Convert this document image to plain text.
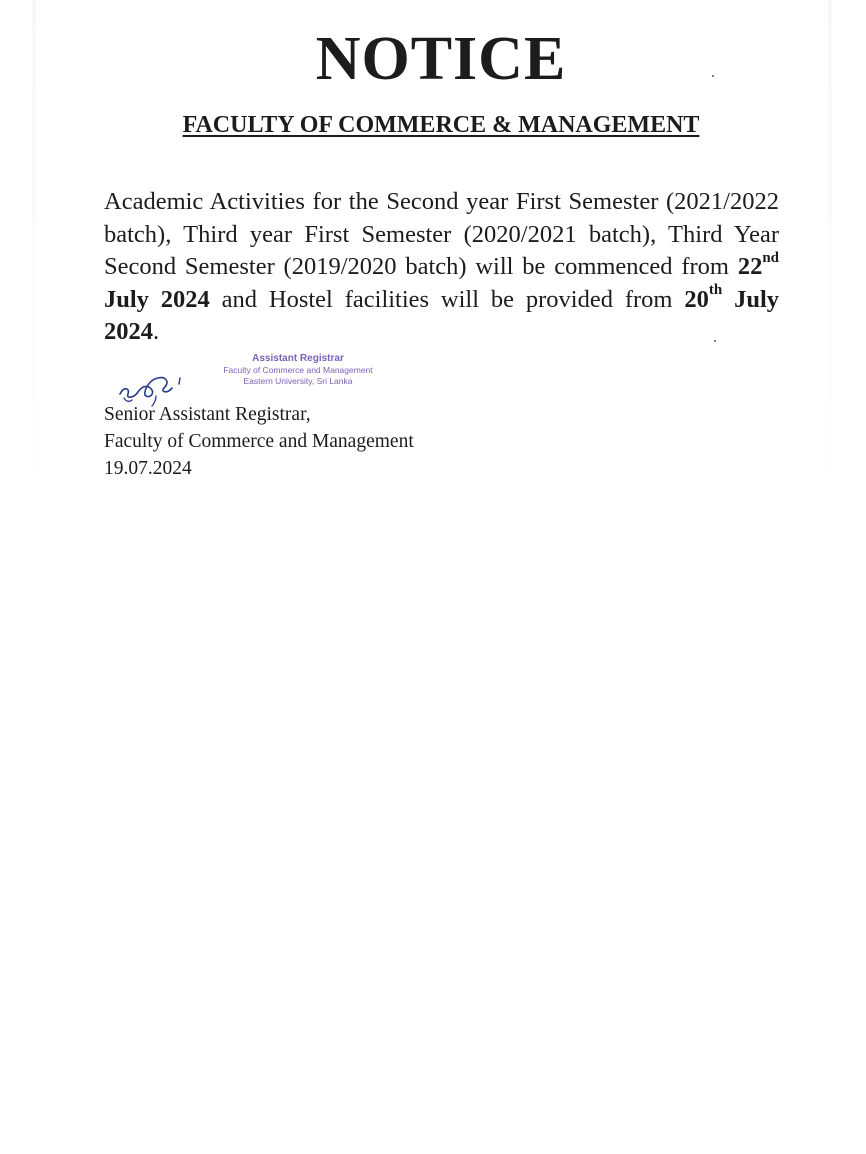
NOTICE
FACULTY OF COMMERCE & MANAGEMENT

Academic Activities for the Second year First Semester (2021/2022 batch), Third year First Semester (2020/2021 batch), Third Year Second Semester (2019/2020 batch) will be commenced from 22nd July 2024 and Hostel facilities will be provided from 20th July 2024.

Assistant Registrar
Faculty of Commerce and Management
Eastern University, Sri Lanka
Senior Assistant Registrar,
Faculty of Commerce and Management
19.07.2024
